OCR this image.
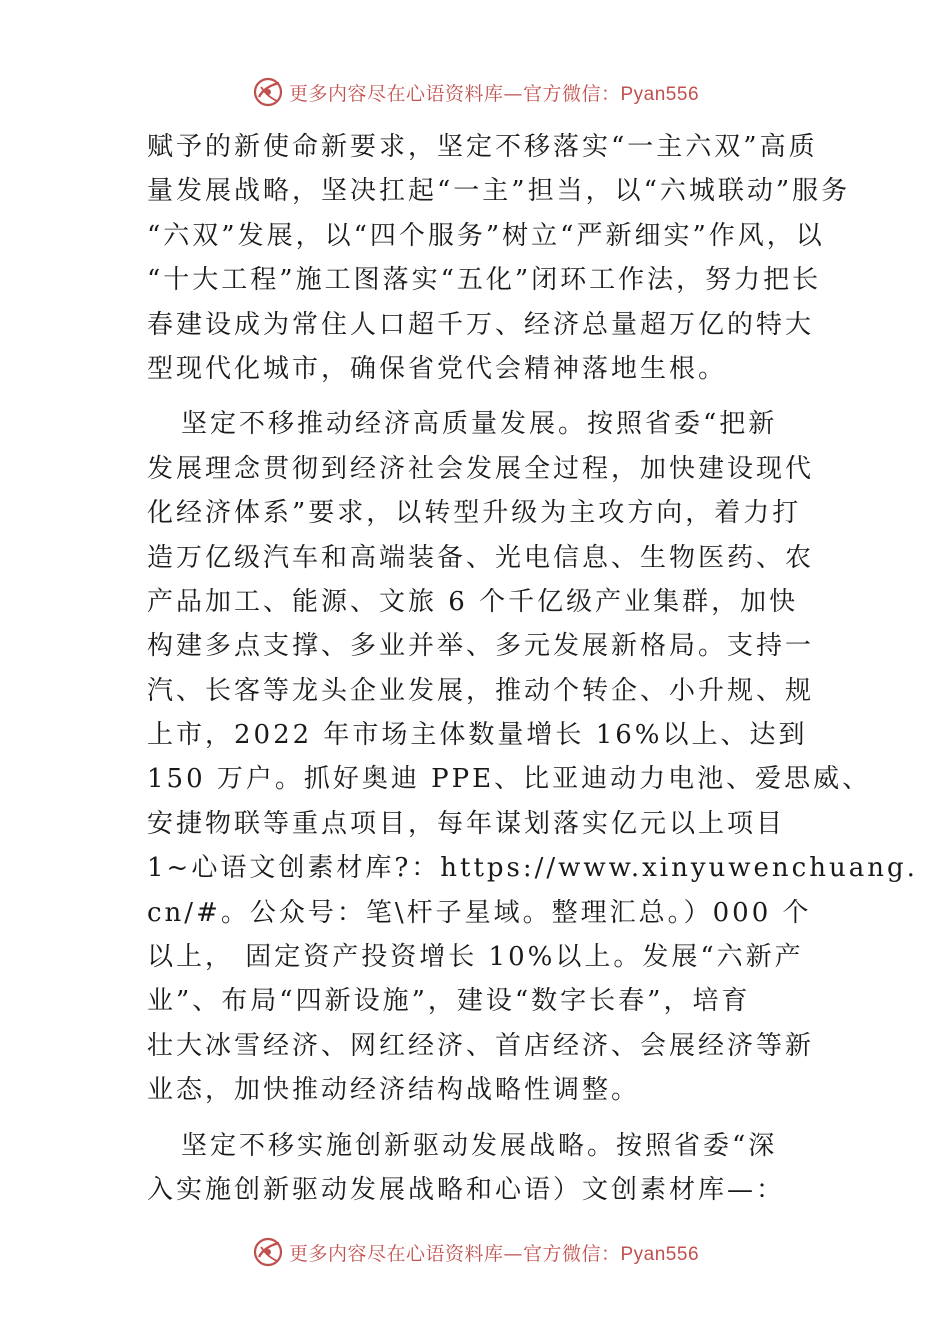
更多内容尽在心语资料库—官方微信：Pyan556
赋予的新使命新要求，坚定不移落实“一主六双”高质
量发展战略，坚决扛起“一主”担当，以“六城联动”服务
“六双”发展，以“四个服务”树立“严新细实”作风，以
“十大工程”施工图落实“五化”闭环工作法，努力把长
春建设成为常住人口超千万、经济总量超万亿的特大
型现代化城市，确保省党代会精神落地生根。
坚定不移推动经济高质量发展。按照省委“把新
发展理念贯彻到经济社会发展全过程，加快建设现代
化经济体系”要求，以转型升级为主攻方向，着力打
造万亿级汽车和高端装备、光电信息、生物医药、农
产品加工、能源、文旅 6 个千亿级产业集群，加快
构建多点支撑、多业并举、多元发展新格局。支持一
汽、长客等龙头企业发展，推动个转企、小升规、规
上市，2022 年市场主体数量增长 16%以上、达到
150 万户。抓好奥迪 PPE、比亚迪动力电池、爱思威、
安捷物联等重点项目，每年谋划落实亿元以上项目
1~心语文创素材库?：https://www.xinyuwenchuang.
cn/#。公众号：笔\杆子星域。整理汇总。）000 个
以上， 固定资产投资增长 10%以上。发展“六新产
业”、布局“四新设施”，建设“数字长春”，培育
壮大冰雪经济、网红经济、首店经济、会展经济等新
业态，加快推动经济结构战略性调整。
坚定不移实施创新驱动发展战略。按照省委“深
入实施创新驱动发展战略和心语）文创素材库—：
更多内容尽在心语资料库—官方微信：Pyan556
